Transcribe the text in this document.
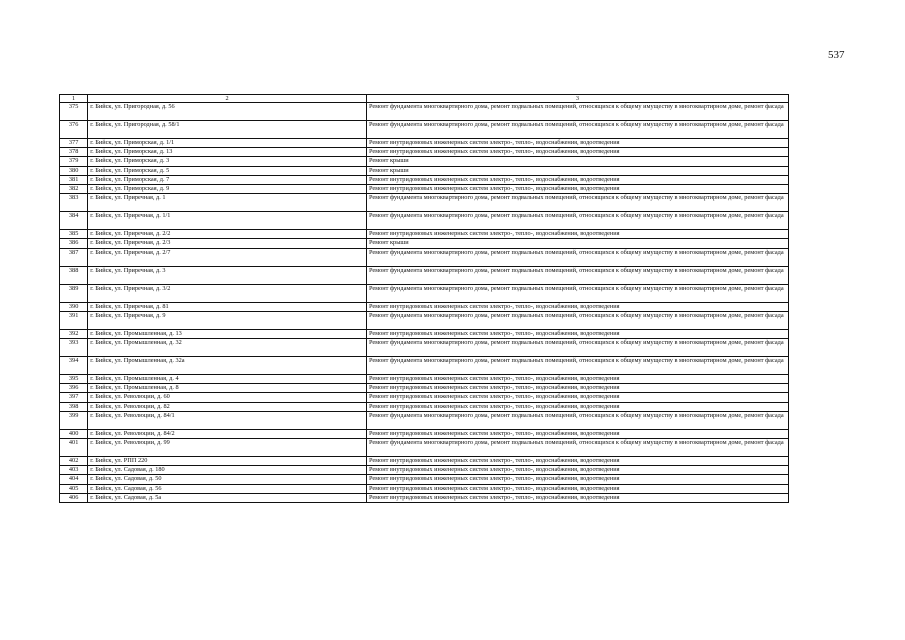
537
1	2	3
375	г. Бийск, ул. Пригородная, д. 56	Ремонт фундамента многоквартирного дома, ремонт подвальных помещений, относящихся к общему имуществу в многоквартирном доме, ремонт фасада
376	г. Бийск, ул. Пригородная, д. 58/1	Ремонт фундамента многоквартирного дома, ремонт подвальных помещений, относящихся к общему имуществу в многоквартирном доме, ремонт фасада
377	г. Бийск, ул. Приморская, д. 1/1	Ремонт внутридомовых инженерных систем электро-, тепло-, водоснабжения, водоотведения
378	г. Бийск, ул. Приморская, д. 13	Ремонт внутридомовых инженерных систем электро-, тепло-, водоснабжения, водоотведения
379	г. Бийск, ул. Приморская, д. 3	Ремонт крыши
380	г. Бийск, ул. Приморская, д. 5	Ремонт крыши
381	г. Бийск, ул. Приморская, д. 7	Ремонт внутридомовых инженерных систем электро-, тепло-, водоснабжения, водоотведения
382	г. Бийск, ул. Приморская, д. 9	Ремонт внутридомовых инженерных систем электро-, тепло-, водоснабжения, водоотведения
383	г. Бийск, ул. Приречная, д. 1	Ремонт фундамента многоквартирного дома, ремонт подвальных помещений, относящихся к общему имуществу в многоквартирном доме, ремонт фасада
384	г. Бийск, ул. Приречная, д. 1/1	Ремонт фундамента многоквартирного дома, ремонт подвальных помещений, относящихся к общему имуществу в многоквартирном доме, ремонт фасада
385	г. Бийск, ул. Приречная, д. 2/2	Ремонт внутридомовых инженерных систем электро-, тепло-, водоснабжения, водоотведения
386	г. Бийск, ул. Приречная, д. 2/3	Ремонт крыши
387	г. Бийск, ул. Приречная, д. 2/7	Ремонт фундамента многоквартирного дома, ремонт подвальных помещений, относящихся к общему имуществу в многоквартирном доме, ремонт фасада
388	г. Бийск, ул. Приречная, д. 3	Ремонт фундамента многоквартирного дома, ремонт подвальных помещений, относящихся к общему имуществу в многоквартирном доме, ремонт фасада
389	г. Бийск, ул. Приречная, д. 3/2	Ремонт фундамента многоквартирного дома, ремонт подвальных помещений, относящихся к общему имуществу в многоквартирном доме, ремонт фасада
390	г. Бийск, ул. Приречная, д. 81	Ремонт внутридомовых инженерных систем электро-, тепло-, водоснабжения, водоотведения
391	г. Бийск, ул. Приречная, д. 9	Ремонт фундамента многоквартирного дома, ремонт подвальных помещений, относящихся к общему имуществу в многоквартирном доме, ремонт фасада
392	г. Бийск, ул. Промышленная, д. 13	Ремонт внутридомовых инженерных систем электро-, тепло-, водоснабжения, водоотведения
393	г. Бийск, ул. Промышленная, д. 32	Ремонт фундамента многоквартирного дома, ремонт подвальных помещений, относящихся к общему имуществу в многоквартирном доме, ремонт фасада
394	г. Бийск, ул. Промышленная, д. 32а	Ремонт фундамента многоквартирного дома, ремонт подвальных помещений, относящихся к общему имуществу в многоквартирном доме, ремонт фасада
395	г. Бийск, ул. Промышленная, д. 4	Ремонт внутридомовых инженерных систем электро-, тепло-, водоснабжения, водоотведения
396	г. Бийск, ул. Промышленная, д. 8	Ремонт внутридомовых инженерных систем электро-, тепло-, водоснабжения, водоотведения
397	г. Бийск, ул. Революции, д. 60	Ремонт внутридомовых инженерных систем электро-, тепло-, водоснабжения, водоотведения
398	г. Бийск, ул. Революции, д. 82	Ремонт внутридомовых инженерных систем электро-, тепло-, водоснабжения, водоотведения
399	г. Бийск, ул. Революции, д. 84/1	Ремонт фундамента многоквартирного дома, ремонт подвальных помещений, относящихся к общему имуществу в многоквартирном доме, ремонт фасада
400	г. Бийск, ул. Революции, д. 84/2	Ремонт внутридомовых инженерных систем электро-, тепло-, водоснабжения, водоотведения
401	г. Бийск, ул. Революции, д. 99	Ремонт фундамента многоквартирного дома, ремонт подвальных помещений, относящихся к общему имуществу в многоквартирном доме, ремонт фасада
402	г. Бийск, ул. РПП 220	Ремонт внутридомовых инженерных систем электро-, тепло-, водоснабжения, водоотведения
403	г. Бийск, ул. Садовая, д. 180	Ремонт внутридомовых инженерных систем электро-, тепло-, водоснабжения, водоотведения
404	г. Бийск, ул. Садовая, д. 50	Ремонт внутридомовых инженерных систем электро-, тепло-, водоснабжения, водоотведения
405	г. Бийск, ул. Садовая, д. 56	Ремонт внутридомовых инженерных систем электро-, тепло-, водоснабжения, водоотведения
406	г. Бийск, ул. Садовая, д. 5а	Ремонт внутридомовых инженерных систем электро-, тепло-, водоснабжения, водоотведения
